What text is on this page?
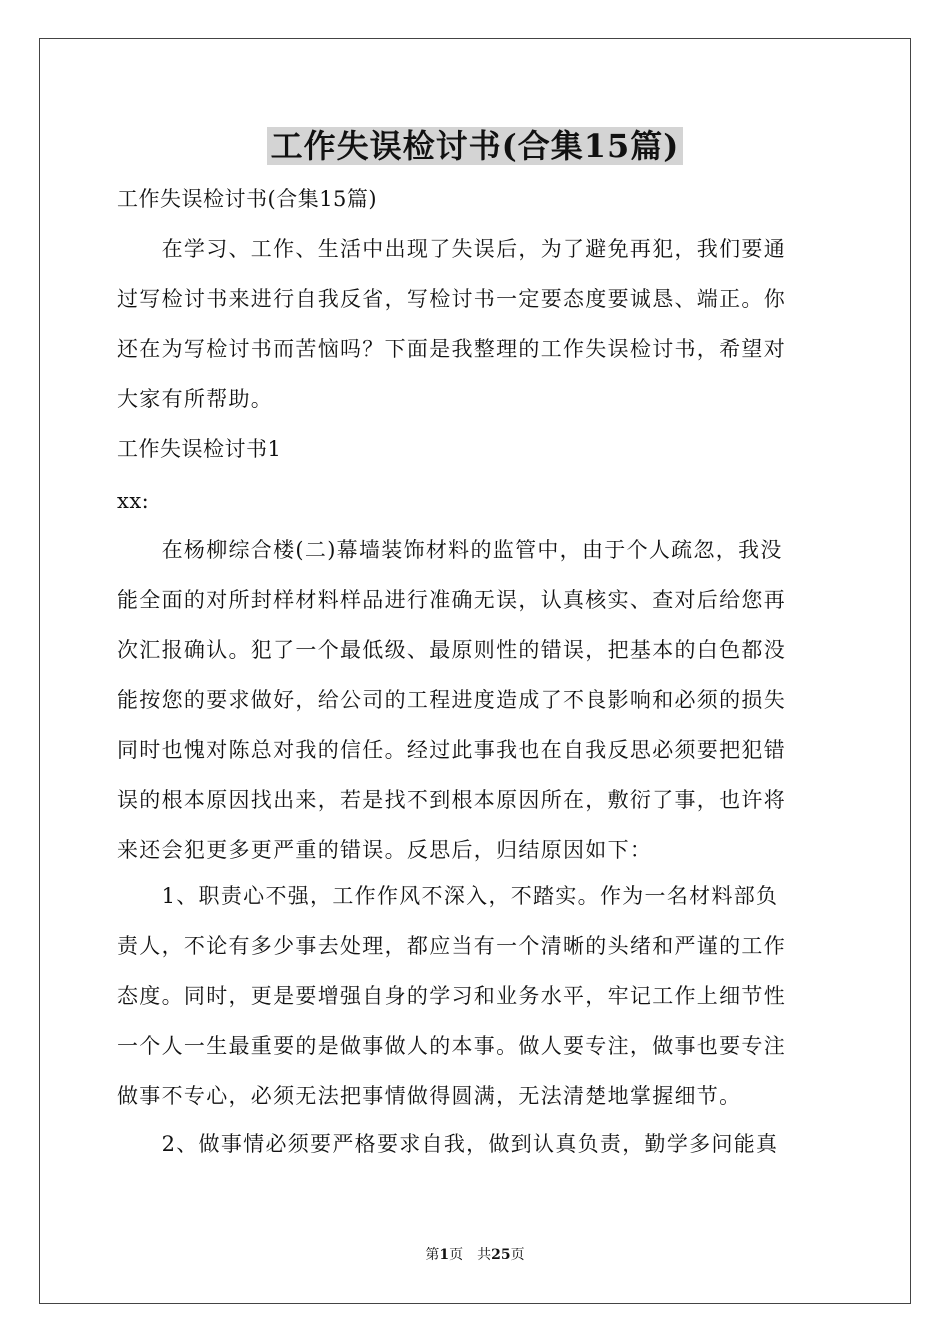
工作失误检讨书(合集15篇)
工作失误检讨书(合集15篇)
　　在学习、工作、生活中出现了失误后，为了避免再犯，我们要通
过写检讨书来进行自我反省，写检讨书一定要态度要诚恳、端正。你
还在为写检讨书而苦恼吗？下面是我整理的工作失误检讨书，希望对
大家有所帮助。
工作失误检讨书1
xx:
　　在杨柳综合楼(二)幕墙装饰材料的监管中，由于个人疏忽，我没
能全面的对所封样材料样品进行准确无误，认真核实、查对后给您再
次汇报确认。犯了一个最低级、最原则性的错误，把基本的白色都没
能按您的要求做好，给公司的工程进度造成了不良影响和必须的损失
同时也愧对陈总对我的信任。经过此事我也在自我反思必须要把犯错
误的根本原因找出来，若是找不到根本原因所在，敷衍了事，也许将
来还会犯更多更严重的错误。反思后，归结原因如下：
　　1、职责心不强，工作作风不深入，不踏实。作为一名材料部负
责人，不论有多少事去处理，都应当有一个清晰的头绪和严谨的工作
态度。同时，更是要增强自身的学习和业务水平，牢记工作上细节性
一个人一生最重要的是做事做人的本事。做人要专注，做事也要专注
做事不专心，必须无法把事情做得圆满，无法清楚地掌握细节。
　　2、做事情必须要严格要求自我，做到认真负责，勤学多问能真
第1页　共25页
